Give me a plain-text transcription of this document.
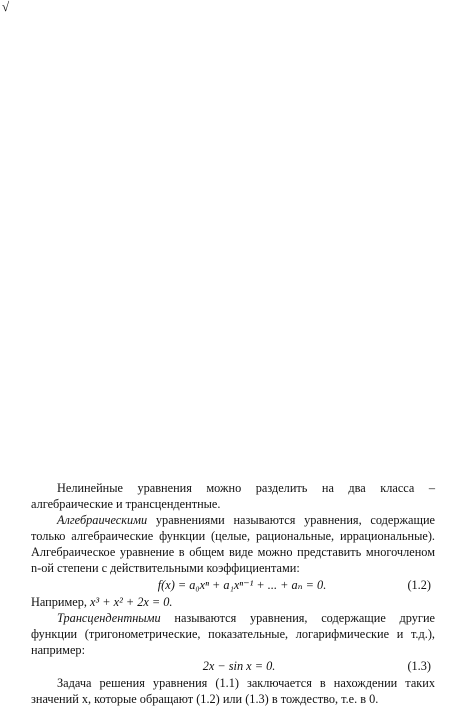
√

Нелинейные уравнения можно разделить на два класса – алгебраические и трансцендентные.

Алгебраическими уравнениями называются уравнения, содержащие только алгебраические функции (целые, рациональные, иррациональные). Алгебраическое уравнение в общем виде можно представить многочленом n-ой степени с действительными коэффициентами:

f(x) = a₀xⁿ + a₁xⁿ⁻¹ + ... + aₙ = 0.	(1.2)

Например, x³ + x² + 2x = 0.

Трансцендентными называются уравнения, содержащие другие функции (тригонометрические, показательные, логарифмические и т.д.), например:

2x − sin x = 0.	(1.3)

Задача решения уравнения (1.1) заключается в нахождении таких значений x, которые обращают (1.2) или (1.3) в тождество, т.е. в 0.
